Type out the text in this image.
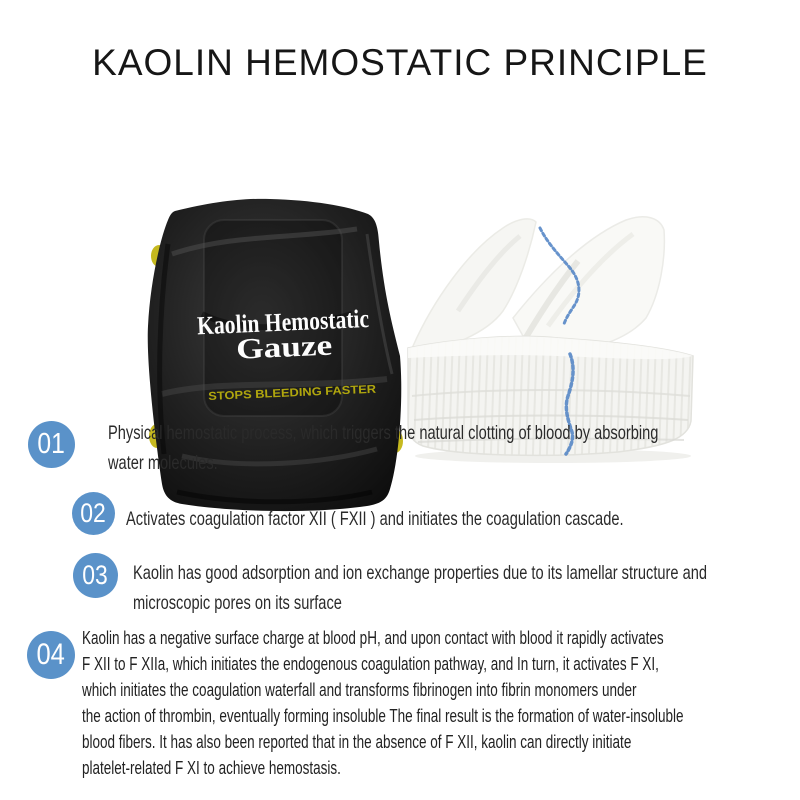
KAOLIN HEMOSTATIC PRINCIPLE
Kaolin Hemostatic
Gauze
STOPS BLEEDING FASTER
01 Physical hemostatic process, which triggers the natural clotting of blood by absorbing
water molecules.
02 Activates coagulation factor XII ( FXII ) and initiates the coagulation cascade.
03 Kaolin has good adsorption and ion exchange properties due to its lamellar structure and
microscopic pores on its surface
04 Kaolin has a negative surface charge at blood pH, and upon contact with blood it rapidly activates
F XII to F XIIa, which initiates the endogenous coagulation pathway, and In turn, it activates F XI,
which initiates the coagulation waterfall and transforms fibrinogen into fibrin monomers under
the action of thrombin, eventually forming insoluble The final result is the formation of water-insoluble
blood fibers. It has also been reported that in the absence of F XII, kaolin can directly initiate
platelet-related F XI to achieve hemostasis.
